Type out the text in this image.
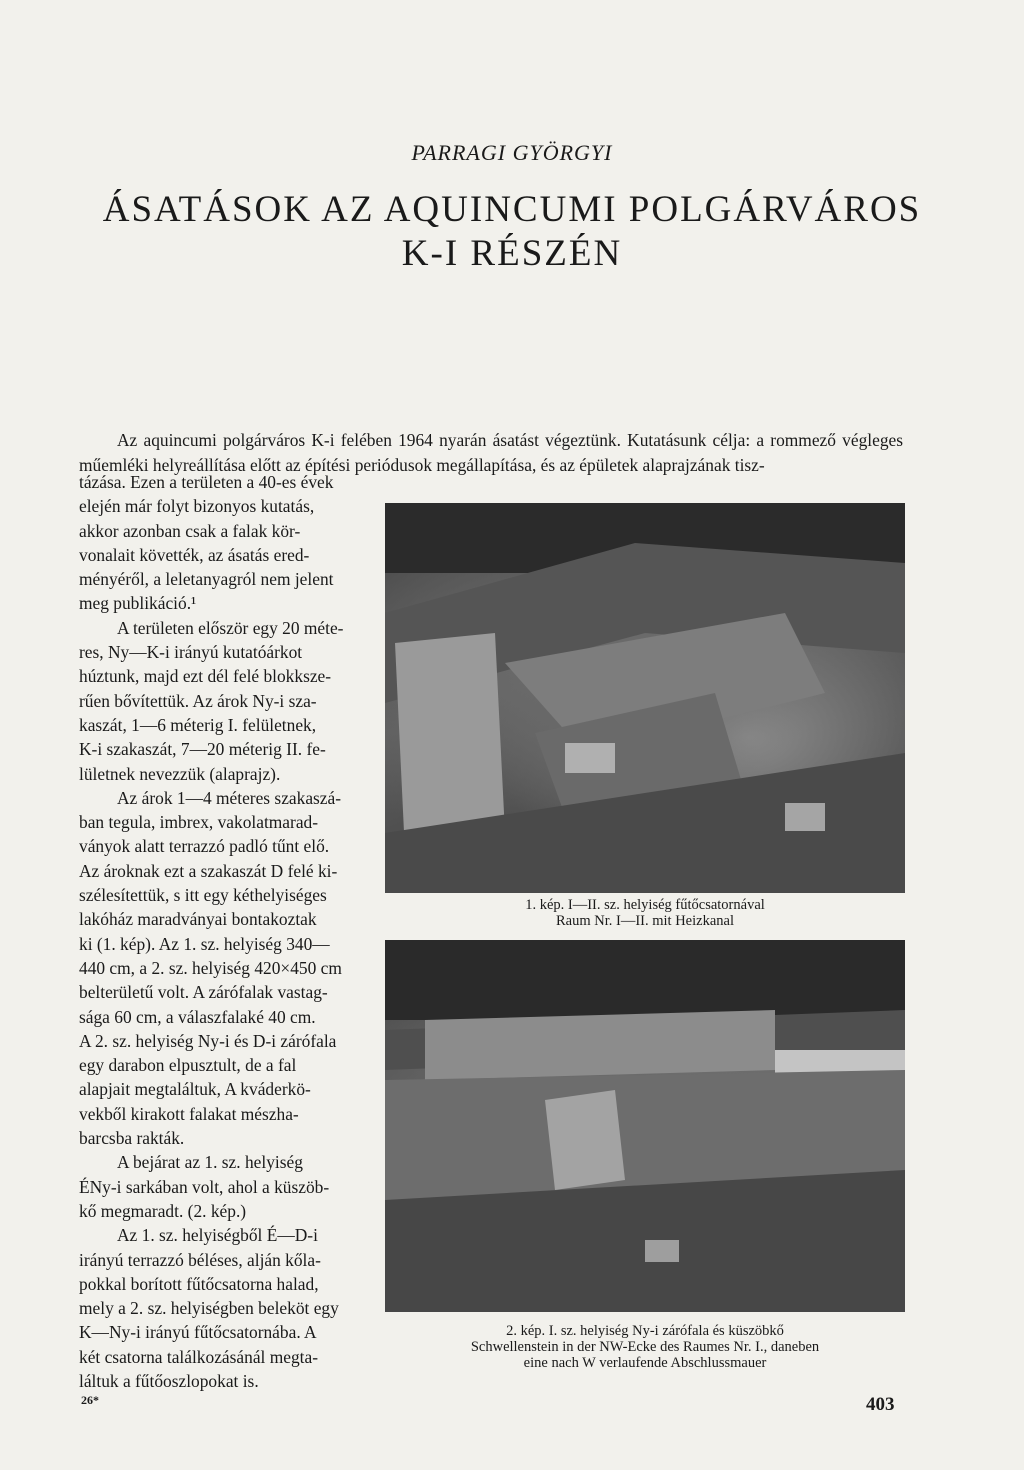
PARRAGI GYÖRGYI
ÁSATÁSOK AZ AQUINCUMI POLGÁRVÁROS
K-I RÉSZÉN

Az aquincumi polgárváros K-i felében 1964 nyarán ásatást végeztünk. Kutatásunk célja: a rommező végleges műemléki helyreállítása előtt az építési periódusok megállapítása, és az épületek alaprajzának tisz-

tázása. Ezen a területen a 40-es évek

elején már folyt bizonyos kutatás,

akkor azonban csak a falak kör-

vonalait követték, az ásatás ered-

ményéről, a leletanyagról nem jelent

meg publikáció.¹

A területen először egy 20 méte-

res, Ny—K-i irányú kutatóárkot

húztunk, majd ezt dél felé blokksze-

rűen bővítettük. Az árok Ny-i sza-

kaszát, 1—6 méterig I. felületnek,

K-i szakaszát, 7—20 méterig II. fe-

lületnek nevezzük (alaprajz).

Az árok 1—4 méteres szakaszá-

ban tegula, imbrex, vakolatmarad-

ványok alatt terrazzó padló tűnt elő.

Az ároknak ezt a szakaszát D felé ki-

szélesítettük, s itt egy kéthelyiséges

lakóház maradványai bontakoztak

ki (1. kép). Az 1. sz. helyiség 340—

440 cm, a 2. sz. helyiség 420×450 cm

belterületű volt. A zárófalak vastag-

sága 60 cm, a válaszfalaké 40 cm.

A 2. sz. helyiség Ny-i és D-i zárófala

egy darabon elpusztult, de a fal

alapjait megtaláltuk, A kváderkö-

vekből kirakott falakat mészha-

barcsba rakták.

A bejárat az 1. sz. helyiség

ÉNy-i sarkában volt, ahol a küszöb-

kő megmaradt. (2. kép.)

Az 1. sz. helyiségből É—D-i

irányú terrazzó béléses, alján kőla-

pokkal borított fűtőcsatorna halad,

mely a 2. sz. helyiségben beleköt egy

K—Ny-i irányú fűtőcsatornába. A

két csatorna találkozásánál megta-

láltuk a fűtőoszlopokat is.

1. kép. I—II. sz. helyiség fűtőcsatornával
Raum Nr. I—II. mit Heizkanal
2. kép. I. sz. helyiség Ny-i zárófala és küszöbkő
Schwellenstein in der NW-Ecke des Raumes Nr. I., daneben
eine nach W verlaufende Abschlussmauer
26*	403
